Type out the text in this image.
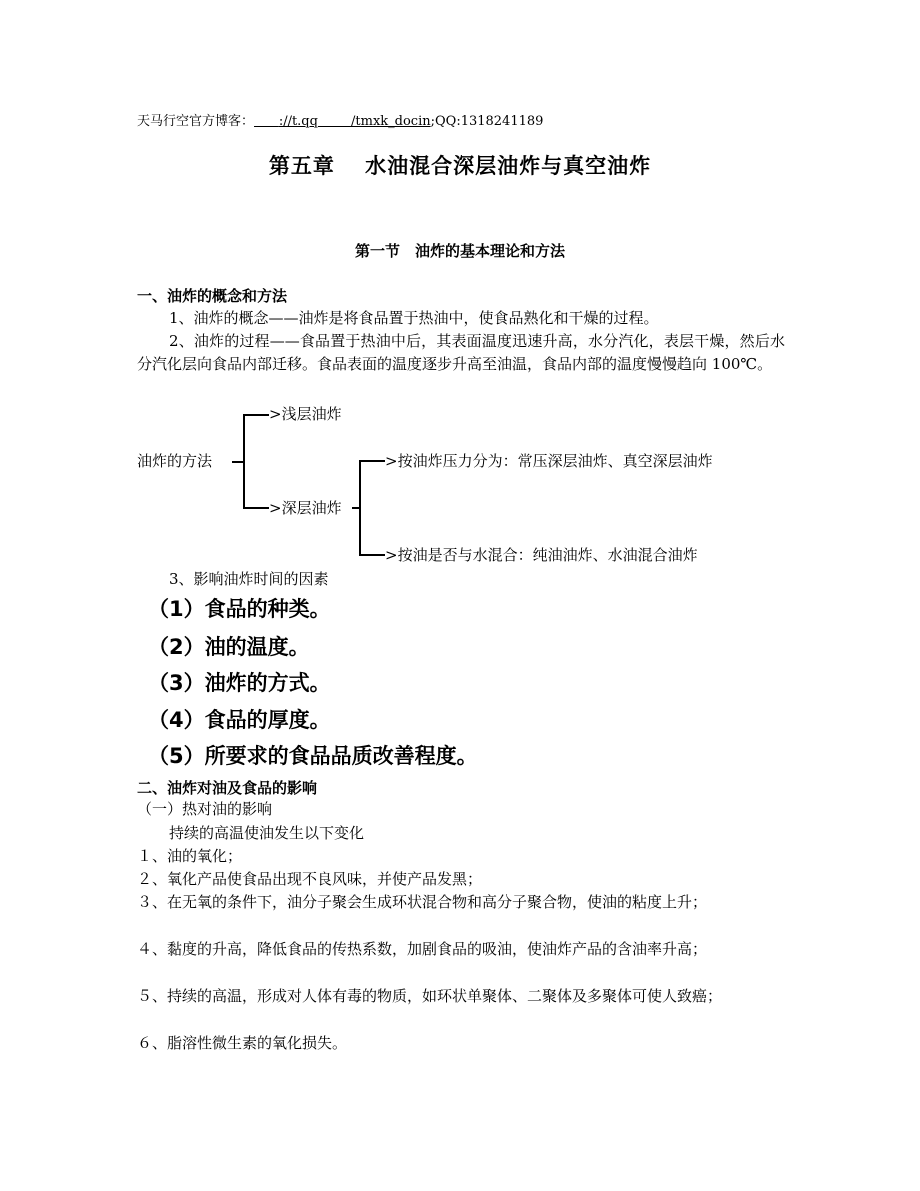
天马行空官方博客： ://t.qq	/tmxk_docin;QQ:1318241189
第五章　 水油混合深层油炸与真空油炸
第一节　油炸的基本理论和方法
一、油炸的概念和方法
1、油炸的概念——油炸是将食品置于热油中，使食品熟化和干燥的过程。
2、油炸的过程——食品置于热油中后，其表面温度迅速升高，水分汽化，表层干燥，然后水分汽化层向食品内部迁移。食品表面的温度逐步升高至油温，食品内部的温度慢慢趋向 100℃。
油炸的方法
>浅层油炸
>深层油炸
>按油炸压力分为：常压深层油炸、真空深层油炸
>按油是否与水混合：纯油油炸、水油混合油炸
3、影响油炸时间的因素
（1）食品的种类。
（2）油的温度。
（3）油炸的方式。
（4）食品的厚度。
（5）所要求的食品品质改善程度。
二、油炸对油及食品的影响
（一）热对油的影响
持续的高温使油发生以下变化
１、油的氧化；
２、氧化产品使食品出现不良风味，并使产品发黑；
３、在无氧的条件下，油分子聚会生成环状混合物和高分子聚合物，使油的粘度上升；
４、黏度的升高，降低食品的传热系数，加剧食品的吸油，使油炸产品的含油率升高；
５、持续的高温，形成对人体有毒的物质，如环状单聚体、二聚体及多聚体可使人致癌；
６、脂溶性微生素的氧化损失。
